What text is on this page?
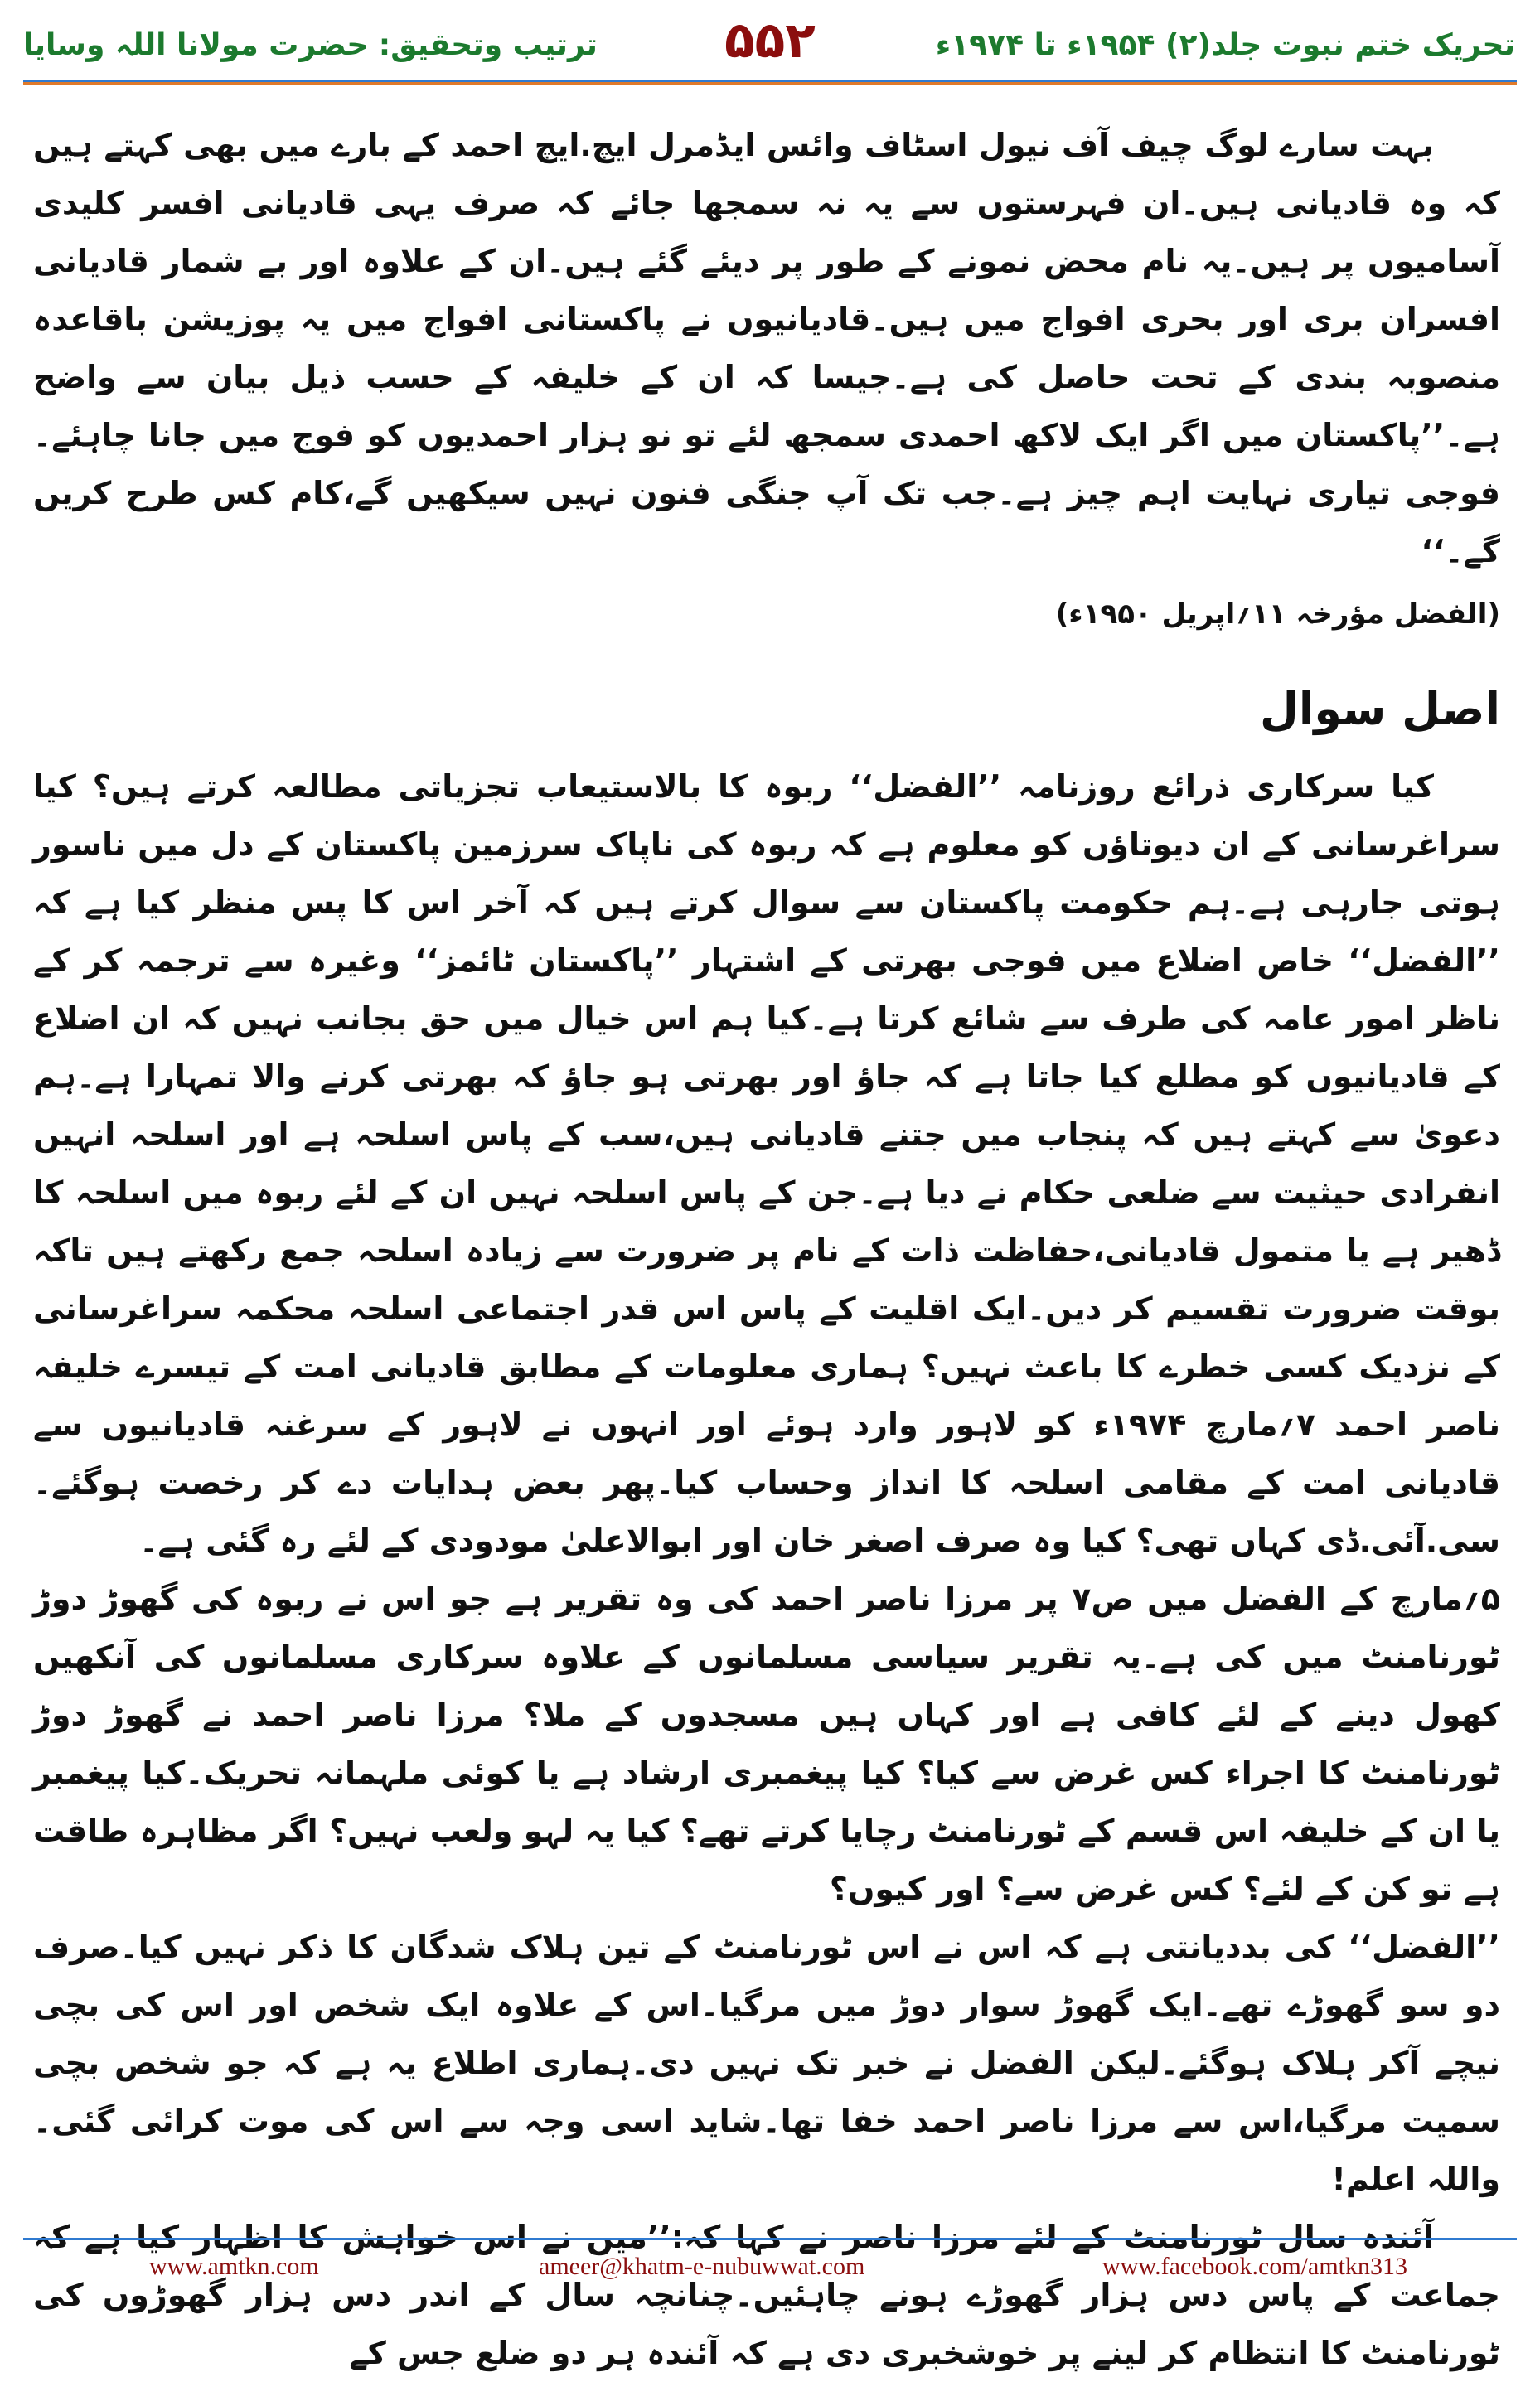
تحریک ختم نبوت جلد(۲) ۱۹۵۴ء تا ۱۹۷۴ء
۵۵۲
ترتیب وتحقیق: حضرت مولانا اللہ وسایا

بہت سارے لوگ چیف آف نیول اسٹاف وائس ایڈمرل ایچ.ایچ احمد کے بارے میں بھی کہتے ہیں کہ وہ قادیانی ہیں۔ان فہرستوں سے یہ نہ سمجھا جائے کہ صرف یہی قادیانی افسر کلیدی آسامیوں پر ہیں۔یہ نام محض نمونے کے طور پر دیئے گئے ہیں۔ان کے علاوہ اور بے شمار قادیانی افسران بری اور بحری افواج میں ہیں۔قادیانیوں نے پاکستانی افواج میں یہ پوزیشن باقاعدہ منصوبہ بندی کے تحت حاصل کی ہے۔جیسا کہ ان کے خلیفہ کے حسب ذیل بیان سے واضح ہے۔’’پاکستان میں اگر ایک لاکھ احمدی سمجھ لئے تو نو ہزار احمدیوں کو فوج میں جانا چاہئے۔فوجی تیاری نہایت اہم چیز ہے۔جب تک آپ جنگی فنون نہیں سیکھیں گے،کام کس طرح کریں گے۔‘‘

(الفضل مؤرخہ ۱۱؍اپریل ۱۹۵۰ء)

اصل سوال

کیا سرکاری ذرائع روزنامہ ’’الفضل‘‘ ربوہ کا بالاستیعاب تجزیاتی مطالعہ کرتے ہیں؟ کیا سراغرسانی کے ان دیوتاؤں کو معلوم ہے کہ ربوہ کی ناپاک سرزمین پاکستان کے دل میں ناسور ہوتی جارہی ہے۔ہم حکومت پاکستان سے سوال کرتے ہیں کہ آخر اس کا پس منظر کیا ہے کہ ’’الفضل‘‘ خاص اضلاع میں فوجی بھرتی کے اشتہار ’’پاکستان ٹائمز‘‘ وغیرہ سے ترجمہ کر کے ناظر امور عامہ کی طرف سے شائع کرتا ہے۔کیا ہم اس خیال میں حق بجانب نہیں کہ ان اضلاع کے قادیانیوں کو مطلع کیا جاتا ہے کہ جاؤ اور بھرتی ہو جاؤ کہ بھرتی کرنے والا تمہارا ہے۔ہم دعویٰ سے کہتے ہیں کہ پنجاب میں جتنے قادیانی ہیں،سب کے پاس اسلحہ ہے اور اسلحہ انہیں انفرادی حیثیت سے ضلعی حکام نے دیا ہے۔جن کے پاس اسلحہ نہیں ان کے لئے ربوہ میں اسلحہ کا ڈھیر ہے یا متمول قادیانی،حفاظت ذات کے نام پر ضرورت سے زیادہ اسلحہ جمع رکھتے ہیں تاکہ بوقت ضرورت تقسیم کر دیں۔ایک اقلیت کے پاس اس قدر اجتماعی اسلحہ محکمہ سراغرسانی کے نزدیک کسی خطرے کا باعث نہیں؟ ہماری معلومات کے مطابق قادیانی امت کے تیسرے خلیفہ ناصر احمد ۷؍مارچ ۱۹۷۴ء کو لاہور وارد ہوئے اور انہوں نے لاہور کے سرغنہ قادیانیوں سے قادیانی امت کے مقامی اسلحہ کا انداز وحساب کیا۔پھر بعض ہدایات دے کر رخصت ہوگئے۔سی.آئی.ڈی کہاں تھی؟ کیا وہ صرف اصغر خان اور ابوالاعلیٰ مودودی کے لئے رہ گئی ہے۔

۵؍مارچ کے الفضل میں ص۷ پر مرزا ناصر احمد کی وہ تقریر ہے جو اس نے ربوہ کی گھوڑ دوڑ ٹورنامنٹ میں کی ہے۔یہ تقریر سیاسی مسلمانوں کے علاوہ سرکاری مسلمانوں کی آنکھیں کھول دینے کے لئے کافی ہے اور کہاں ہیں مسجدوں کے ملا؟ مرزا ناصر احمد نے گھوڑ دوڑ ٹورنامنٹ کا اجراء کس غرض سے کیا؟ کیا پیغمبری ارشاد ہے یا کوئی ملہمانہ تحریک۔کیا پیغمبر یا ان کے خلیفہ اس قسم کے ٹورنامنٹ رچایا کرتے تھے؟ کیا یہ لہو ولعب نہیں؟ اگر مظاہرہ طاقت ہے تو کن کے لئے؟ کس غرض سے؟ اور کیوں؟

’’الفضل‘‘ کی بددیانتی ہے کہ اس نے اس ٹورنامنٹ کے تین ہلاک شدگان کا ذکر نہیں کیا۔صرف دو سو گھوڑے تھے۔ایک گھوڑ سوار دوڑ میں مرگیا۔اس کے علاوہ ایک شخص اور اس کی بچی نیچے آکر ہلاک ہوگئے۔لیکن الفضل نے خبر تک نہیں دی۔ہماری اطلاع یہ ہے کہ جو شخص بچی سمیت مرگیا،اس سے مرزا ناصر احمد خفا تھا۔شاید اسی وجہ سے اس کی موت کرائی گئی۔واللہ اعلم!

آئندہ سال ٹورنامنٹ کے لئے مرزا ناصر نے کہا کہ:’’میں نے اس خواہش کا اظہار کیا ہے کہ جماعت کے پاس دس ہزار گھوڑے ہونے چاہئیں۔چنانچہ سال کے اندر دس ہزار گھوڑوں کی ٹورنامنٹ کا انتظام کر لینے پر خوشخبری دی ہے کہ آئندہ ہر دو ضلع جس کے

www.amtkn.com	ameer@khatm-e-nubuwwat.com	www.facebook.com/amtkn313
